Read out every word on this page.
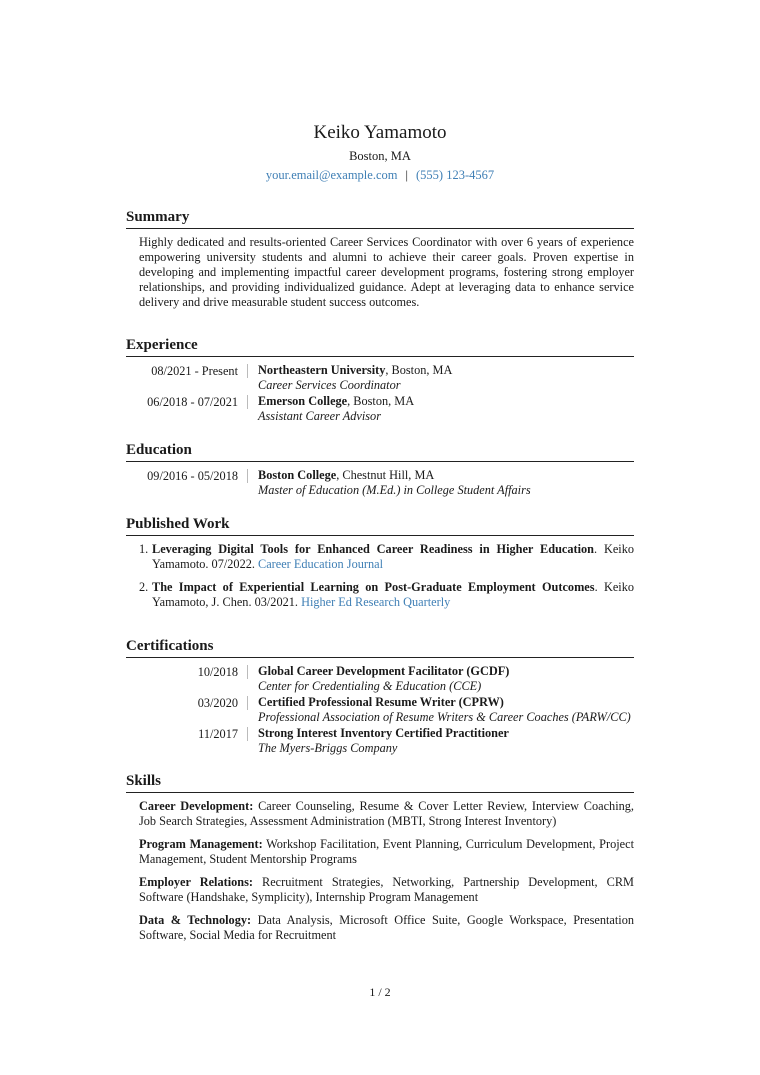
Keiko Yamamoto
Boston, MA
your.email@example.com | (555) 123-4567
Summary

Highly dedicated and results-oriented Career Services Coordinator with over 6 years of experience empowering university students and alumni to achieve their career goals. Proven expertise in developing and implementing impactful career development programs, fostering strong employer relationships, and providing individualized guidance. Adept at leveraging data to enhance service delivery and drive measurable student success outcomes.

Experience
08/2021 - Present	Northeastern University, Boston, MA
Career Services Coordinator
06/2018 - 07/2021	Emerson College, Boston, MA
Assistant Career Advisor
Education
09/2016 - 05/2018	Boston College, Chestnut Hill, MA
Master of Education (M.Ed.) in College Student Affairs
Published Work
1. Leveraging Digital Tools for Enhanced Career Readiness in Higher Education. Keiko Yamamoto. 07/2022. Career Education Journal
2. The Impact of Experiential Learning on Post-Graduate Employment Outcomes. Keiko Yamamoto, J. Chen. 03/2021. Higher Ed Research Quarterly
Certifications
10/2018	Global Career Development Facilitator (GCDF)
Center for Credentialing & Education (CCE)
03/2020	Certified Professional Resume Writer (CPRW)
Professional Association of Resume Writers & Career Coaches (PARW/CC)
11/2017	Strong Interest Inventory Certified Practitioner
The Myers-Briggs Company
Skills

Career Development: Career Counseling, Resume & Cover Letter Review, Interview Coaching, Job Search Strategies, Assessment Administration (MBTI, Strong Interest Inventory)

Program Management: Workshop Facilitation, Event Planning, Curriculum Development, Project Management, Student Mentorship Programs

Employer Relations: Recruitment Strategies, Networking, Partnership Development, CRM Software (Handshake, Symplicity), Internship Program Management

Data & Technology: Data Analysis, Microsoft Office Suite, Google Workspace, Presentation Software, Social Media for Recruitment

1 / 2
